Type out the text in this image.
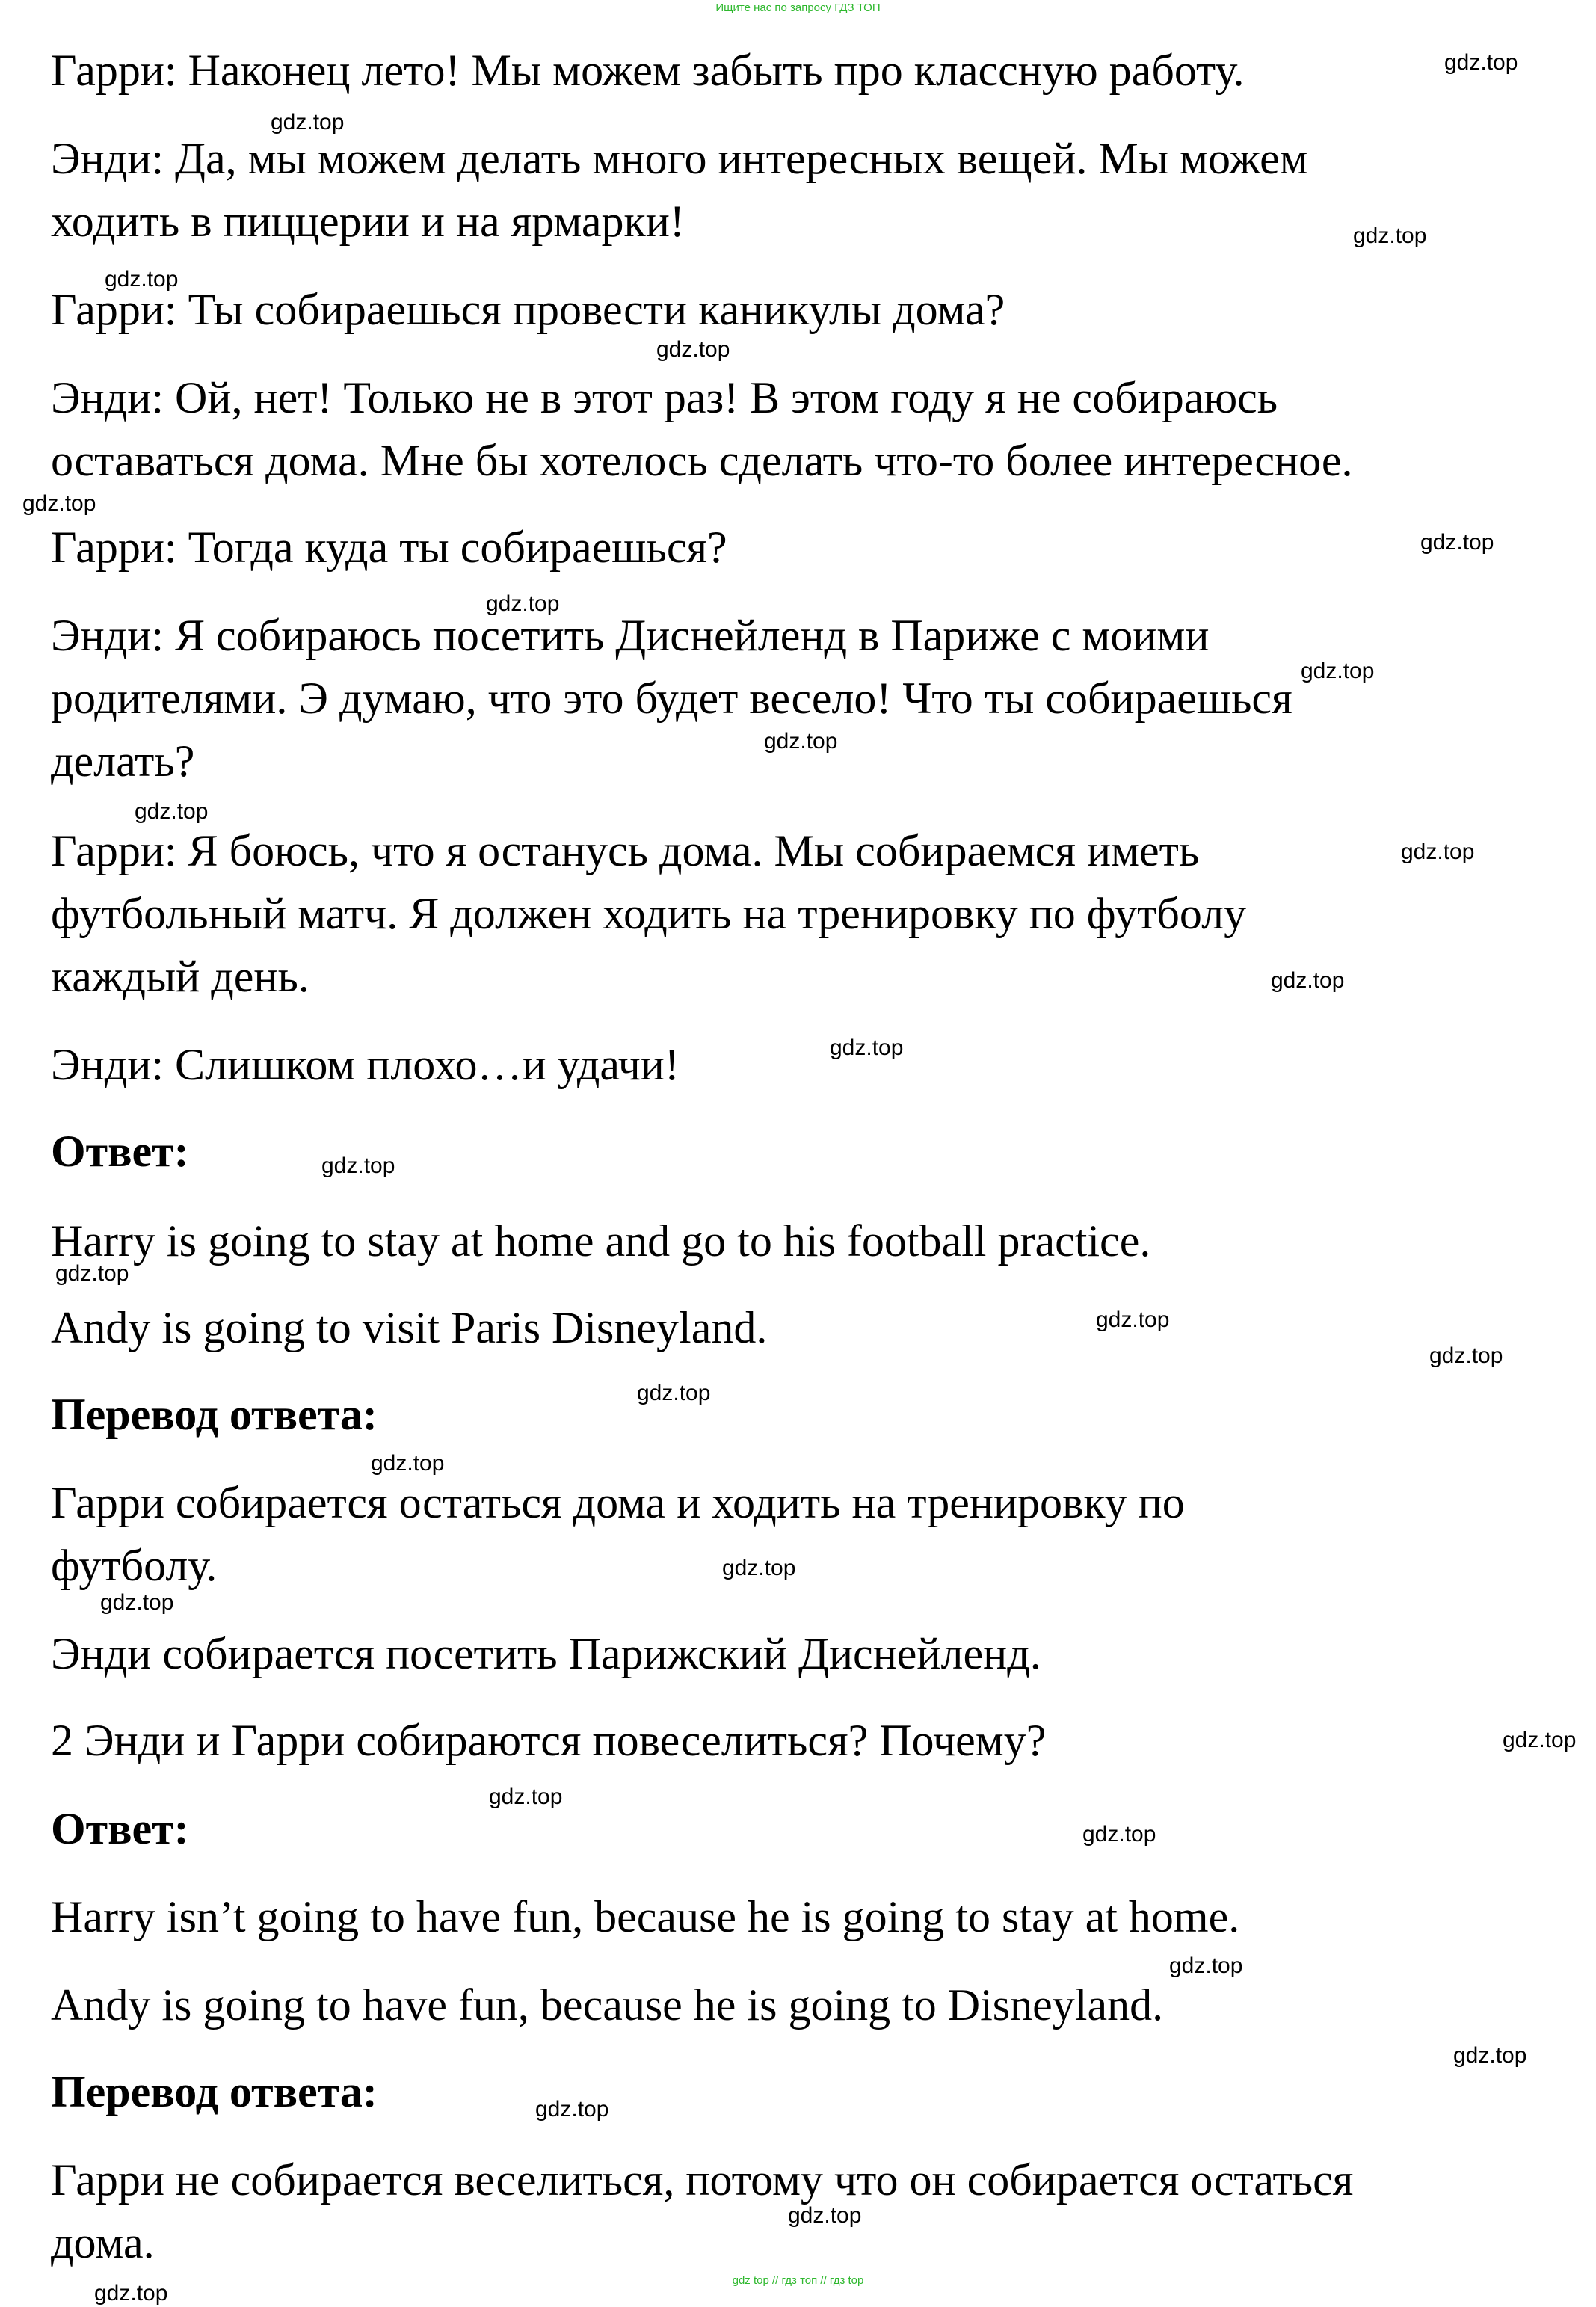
Ищите нас по запросу ГДЗ ТОП
Гарри: Наконец лето! Мы можем забыть про классную работу.
Энди: Да, мы можем делать много интересных вещей. Мы можем
ходить в пиццерии и на ярмарки!
Гарри: Ты собираешься провести каникулы дома?
Энди: Ой, нет! Только не в этот раз! В этом году я не собираюсь
оставаться дома. Мне бы хотелось сделать что-то более интересное.
Гарри: Тогда куда ты собираешься?
Энди: Я собираюсь посетить Диснейленд в Париже с моими
родителями. Э думаю, что это будет весело! Что ты собираешься
делать?
Гарри: Я боюсь, что я останусь дома. Мы собираемся иметь
футбольный матч. Я должен ходить на тренировку по футболу
каждый день.
Энди: Слишком плохо…и удачи!
Ответ:
Harry is going to stay at home and go to his football practice.
Andy is going to visit Paris Disneyland.
Перевод ответа:
Гарри собирается остаться дома и ходить на тренировку по
футболу.
Энди собирается посетить Парижский Диснейленд.
2 Энди и Гарри собираются повеселиться? Почему?
Ответ:
Harry isn’t going to have fun, because he is going to stay at home.
Andy is going to have fun, because he is going to Disneyland.
Перевод ответа:
Гарри не собирается веселиться, потому что он собирается остаться
дома.
gdz.top
gdz.top
gdz.top
gdz.top
gdz.top
gdz.top
gdz.top
gdz.top
gdz.top
gdz.top
gdz.top
gdz.top
gdz.top
gdz.top
gdz.top
gdz.top
gdz.top
gdz.top
gdz.top
gdz.top
gdz.top
gdz.top
gdz.top
gdz.top
gdz.top
gdz.top
gdz.top
gdz.top
gdz.top
gdz.top
gdz top // гдз топ // гдз top
